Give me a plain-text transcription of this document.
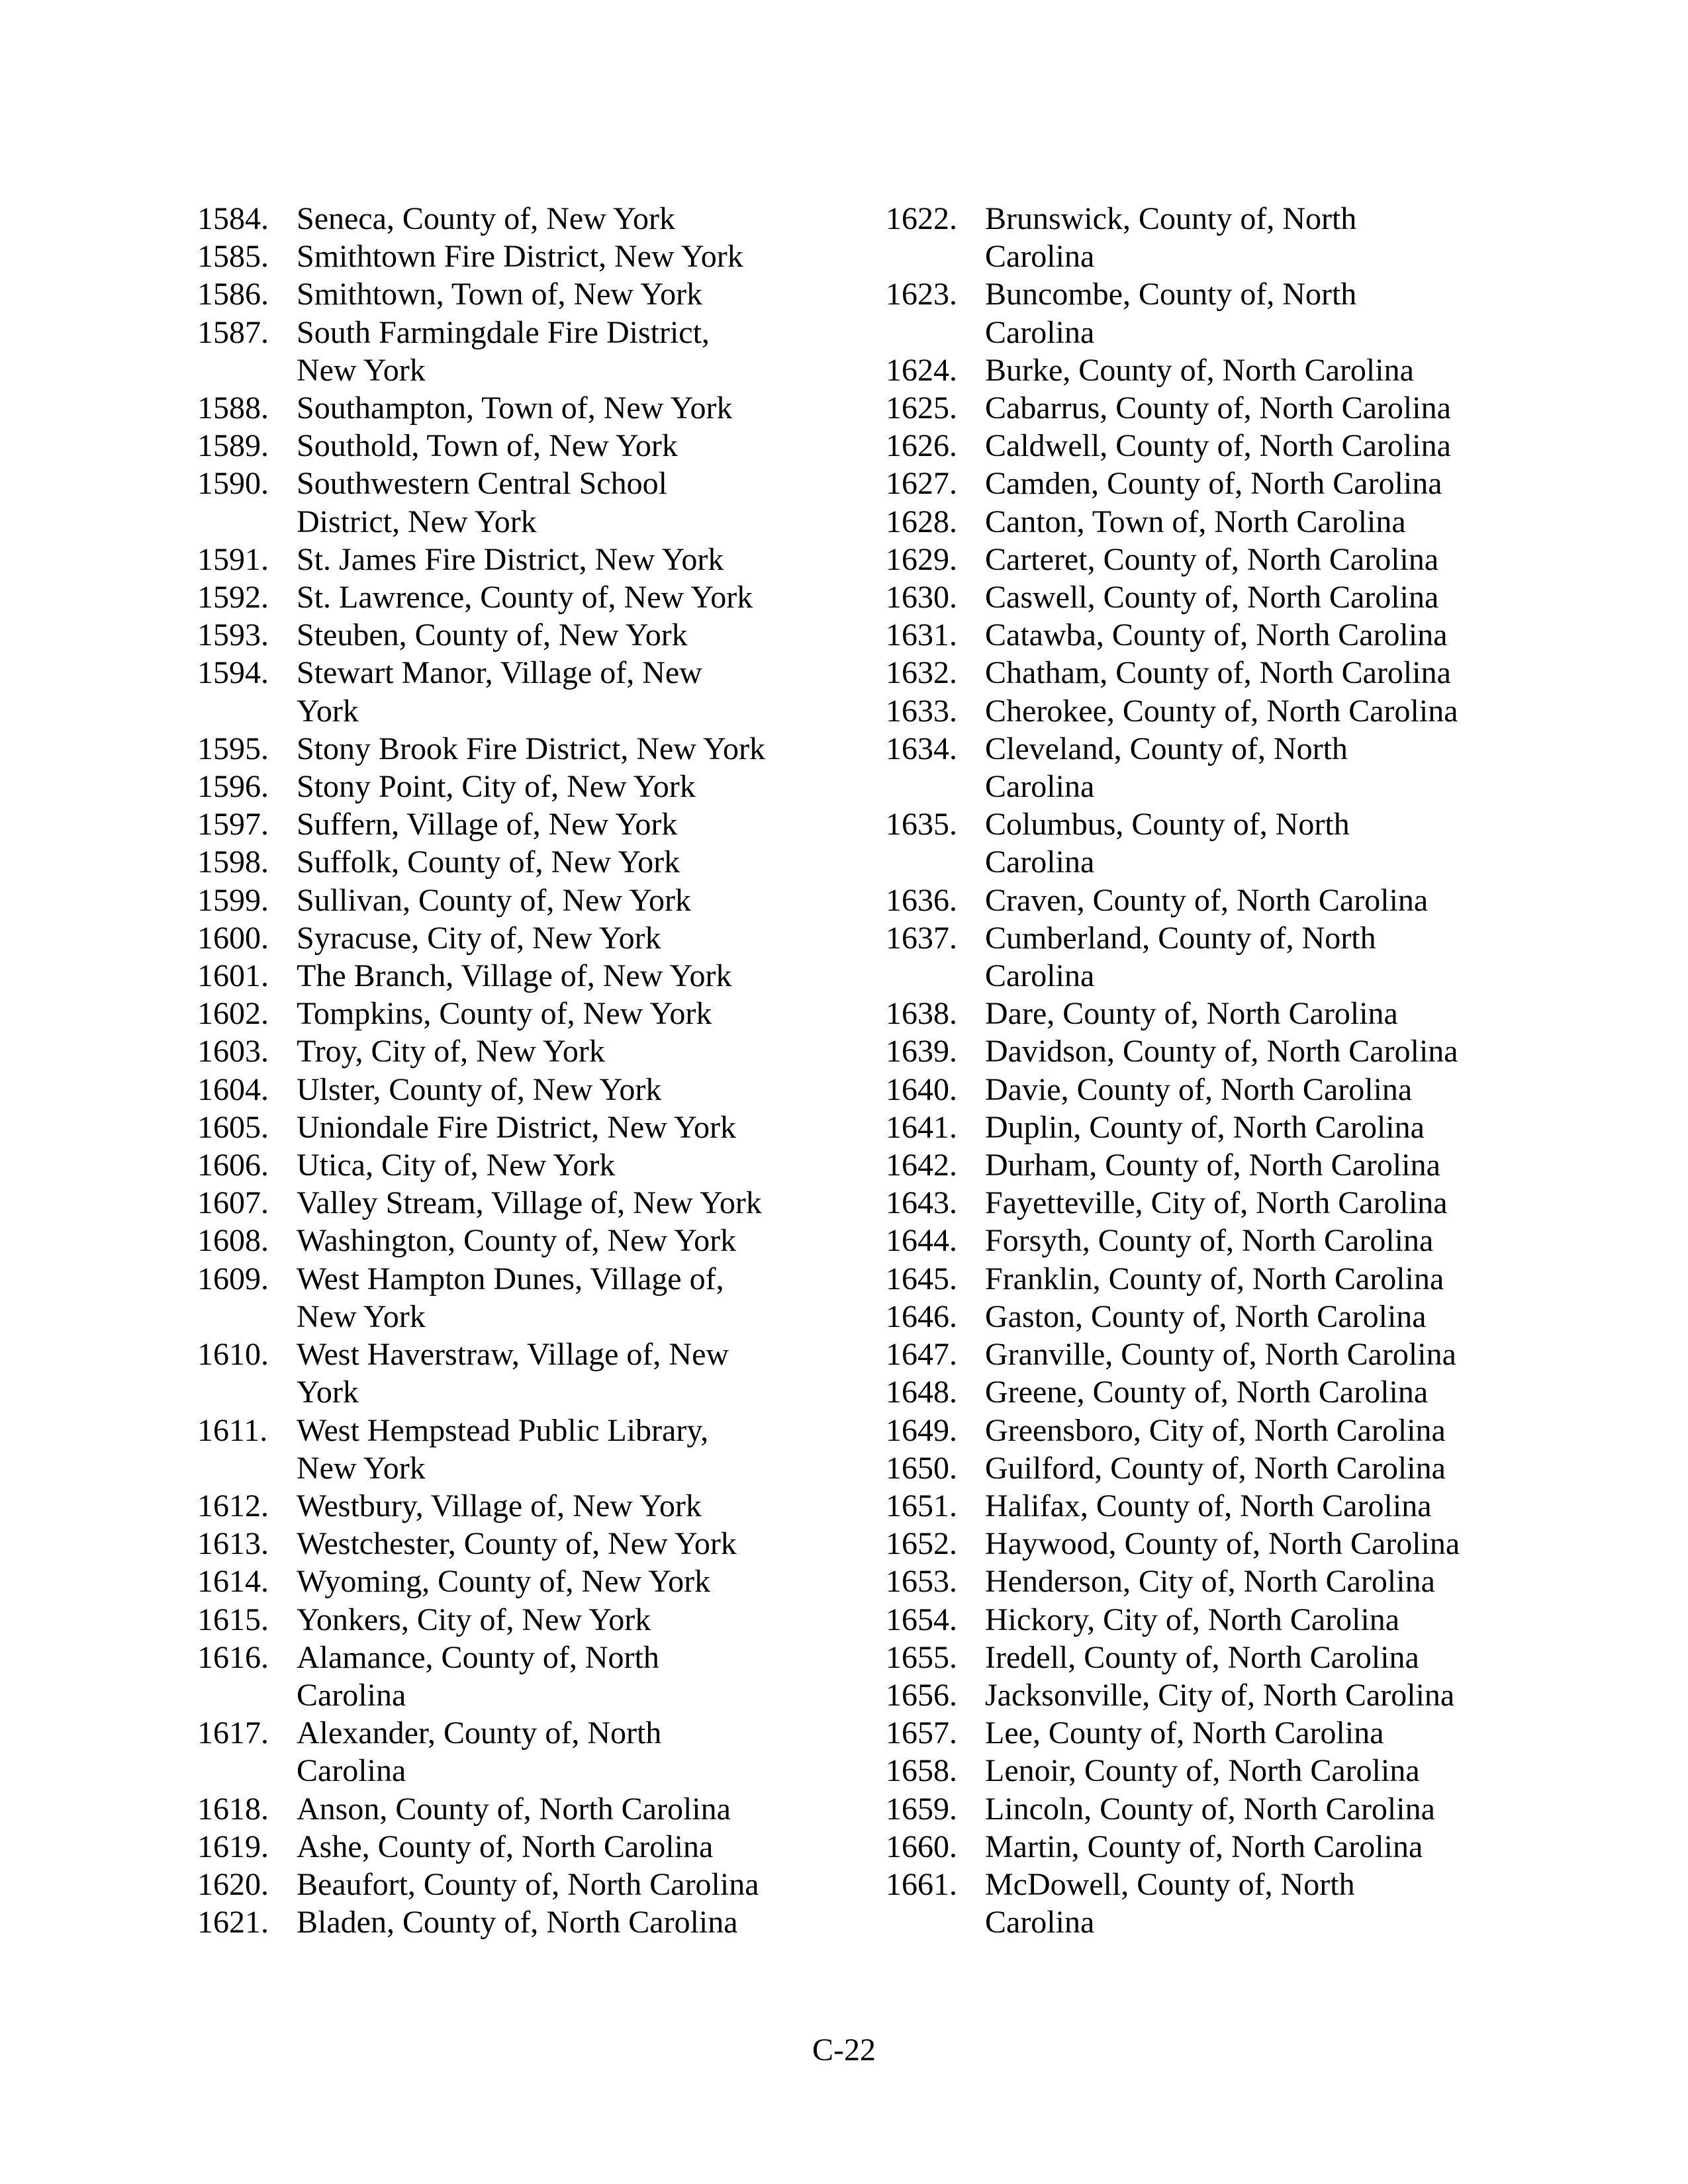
1584. Seneca, County of, New York
1585. Smithtown Fire District, New York
1586. Smithtown, Town of, New York
1587. South Farmingdale Fire District,
New York
1588. Southampton, Town of, New York
1589. Southold, Town of, New York
1590. Southwestern Central School
District, New York
1591. St. James Fire District, New York
1592. St. Lawrence, County of, New York
1593. Steuben, County of, New York
1594. Stewart Manor, Village of, New
York
1595. Stony Brook Fire District, New York
1596. Stony Point, City of, New York
1597. Suffern, Village of, New York
1598. Suffolk, County of, New York
1599. Sullivan, County of, New York
1600. Syracuse, City of, New York
1601. The Branch, Village of, New York
1602. Tompkins, County of, New York
1603. Troy, City of, New York
1604. Ulster, County of, New York
1605. Uniondale Fire District, New York
1606. Utica, City of, New York
1607. Valley Stream, Village of, New York
1608. Washington, County of, New York
1609. West Hampton Dunes, Village of,
New York
1610. West Haverstraw, Village of, New
York
1611. West Hempstead Public Library,
New York
1612. Westbury, Village of, New York
1613. Westchester, County of, New York
1614. Wyoming, County of, New York
1615. Yonkers, City of, New York
1616. Alamance, County of, North
Carolina
1617. Alexander, County of, North
Carolina
1618. Anson, County of, North Carolina
1619. Ashe, County of, North Carolina
1620. Beaufort, County of, North Carolina
1621. Bladen, County of, North Carolina
1622. Brunswick, County of, North
Carolina
1623. Buncombe, County of, North
Carolina
1624. Burke, County of, North Carolina
1625. Cabarrus, County of, North Carolina
1626. Caldwell, County of, North Carolina
1627. Camden, County of, North Carolina
1628. Canton, Town of, North Carolina
1629. Carteret, County of, North Carolina
1630. Caswell, County of, North Carolina
1631. Catawba, County of, North Carolina
1632. Chatham, County of, North Carolina
1633. Cherokee, County of, North Carolina
1634. Cleveland, County of, North
Carolina
1635. Columbus, County of, North
Carolina
1636. Craven, County of, North Carolina
1637. Cumberland, County of, North
Carolina
1638. Dare, County of, North Carolina
1639. Davidson, County of, North Carolina
1640. Davie, County of, North Carolina
1641. Duplin, County of, North Carolina
1642. Durham, County of, North Carolina
1643. Fayetteville, City of, North Carolina
1644. Forsyth, County of, North Carolina
1645. Franklin, County of, North Carolina
1646. Gaston, County of, North Carolina
1647. Granville, County of, North Carolina
1648. Greene, County of, North Carolina
1649. Greensboro, City of, North Carolina
1650. Guilford, County of, North Carolina
1651. Halifax, County of, North Carolina
1652. Haywood, County of, North Carolina
1653. Henderson, City of, North Carolina
1654. Hickory, City of, North Carolina
1655. Iredell, County of, North Carolina
1656. Jacksonville, City of, North Carolina
1657. Lee, County of, North Carolina
1658. Lenoir, County of, North Carolina
1659. Lincoln, County of, North Carolina
1660. Martin, County of, North Carolina
1661. McDowell, County of, North
Carolina
C-22
